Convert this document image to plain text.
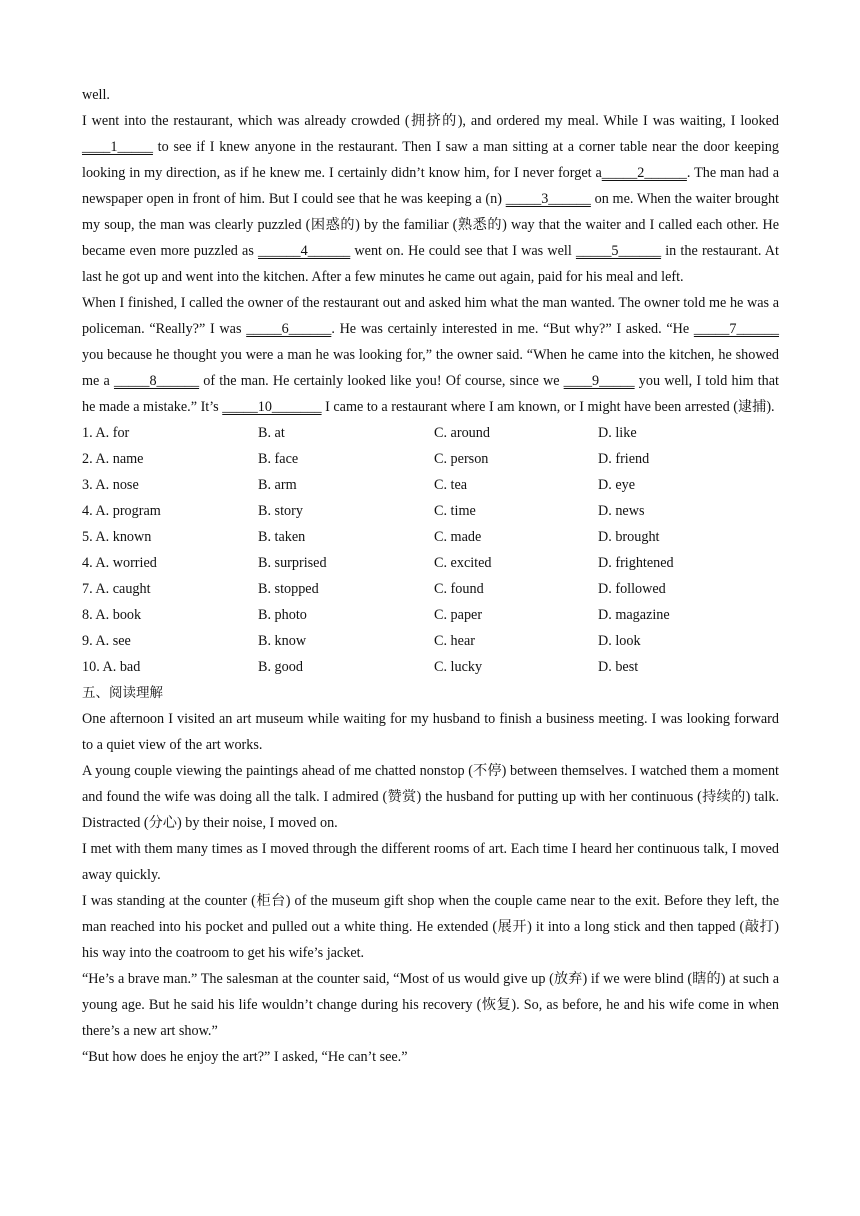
well.

I went into the restaurant, which was already crowded (拥挤的), and ordered my meal. While I was waiting, I looked ____1_____ to see if I knew anyone in the restaurant. Then I saw a man sitting at a corner table near the door keeping looking in my direction, as if he knew me. I certainly didn’t know him, for I never forget a_____2______. The man had a newspaper open in front of him. But I could see that he was keeping a (n) _____3______ on me. When the waiter brought my soup, the man was clearly puzzled (困惑的) by the familiar (熟悉的) way that the waiter and I called each other. He became even more puzzled as ______4______ went on. He could see that I was well _____5______ in the restaurant. At last he got up and went into the kitchen. After a few minutes he came out again, paid for his meal and left.

When I finished, I called the owner of the restaurant out and asked him what the man wanted. The owner told me he was a policeman. “Really?” I was _____6______. He was certainly interested in me. “But why?” I asked. “He _____7______ you because he thought you were a man he was looking for,” the owner said. “When he came into the kitchen, he showed me a _____8______ of the man. He certainly looked like you! Of course, since we ____9_____ you well, I told him that he made a mistake.” It’s _____10_______ I came to a restaurant where I am known, or I might have been arrested (逮捕).

1. A. for	B. at	C. around	D. like
2. A. name	B. face	C. person	D. friend
3. A. nose	B. arm	C. tea	D. eye
4. A. program	B. story	C. time	D. news
5. A. known	B. taken	C. made	D. brought
4. A. worried	B. surprised	C. excited	D. frightened
7. A. caught	B. stopped	C. found	D. followed
8. A. book	B. photo	C. paper	D. magazine
9. A. see	B. know	C. hear	D. look
10. A. bad	B. good	C. lucky	D. best

五、阅读理解

One afternoon I visited an art museum while waiting for my husband to finish a business meeting. I was looking forward to a quiet view of the art works.

A young couple viewing the paintings ahead of me chatted nonstop (不停) between themselves. I watched them a moment and found the wife was doing all the talk. I admired (赞赏) the husband for putting up with her continuous (持续的) talk. Distracted (分心) by their noise, I moved on.

I met with them many times as I moved through the different rooms of art. Each time I heard her continuous talk, I moved away quickly.

I was standing at the counter (柜台) of the museum gift shop when the couple came near to the exit. Before they left, the man reached into his pocket and pulled out a white thing. He extended (展开) it into a long stick and then tapped (敲打) his way into the coatroom to get his wife’s jacket.

“He’s a brave man.” The salesman at the counter said, “Most of us would give up (放弃) if we were blind (瞎的) at such a young age. But he said his life wouldn’t change during his recovery (恢复). So, as before, he and his wife come in when there’s a new art show.”

“But how does he enjoy the art?” I asked, “He can’t see.”
